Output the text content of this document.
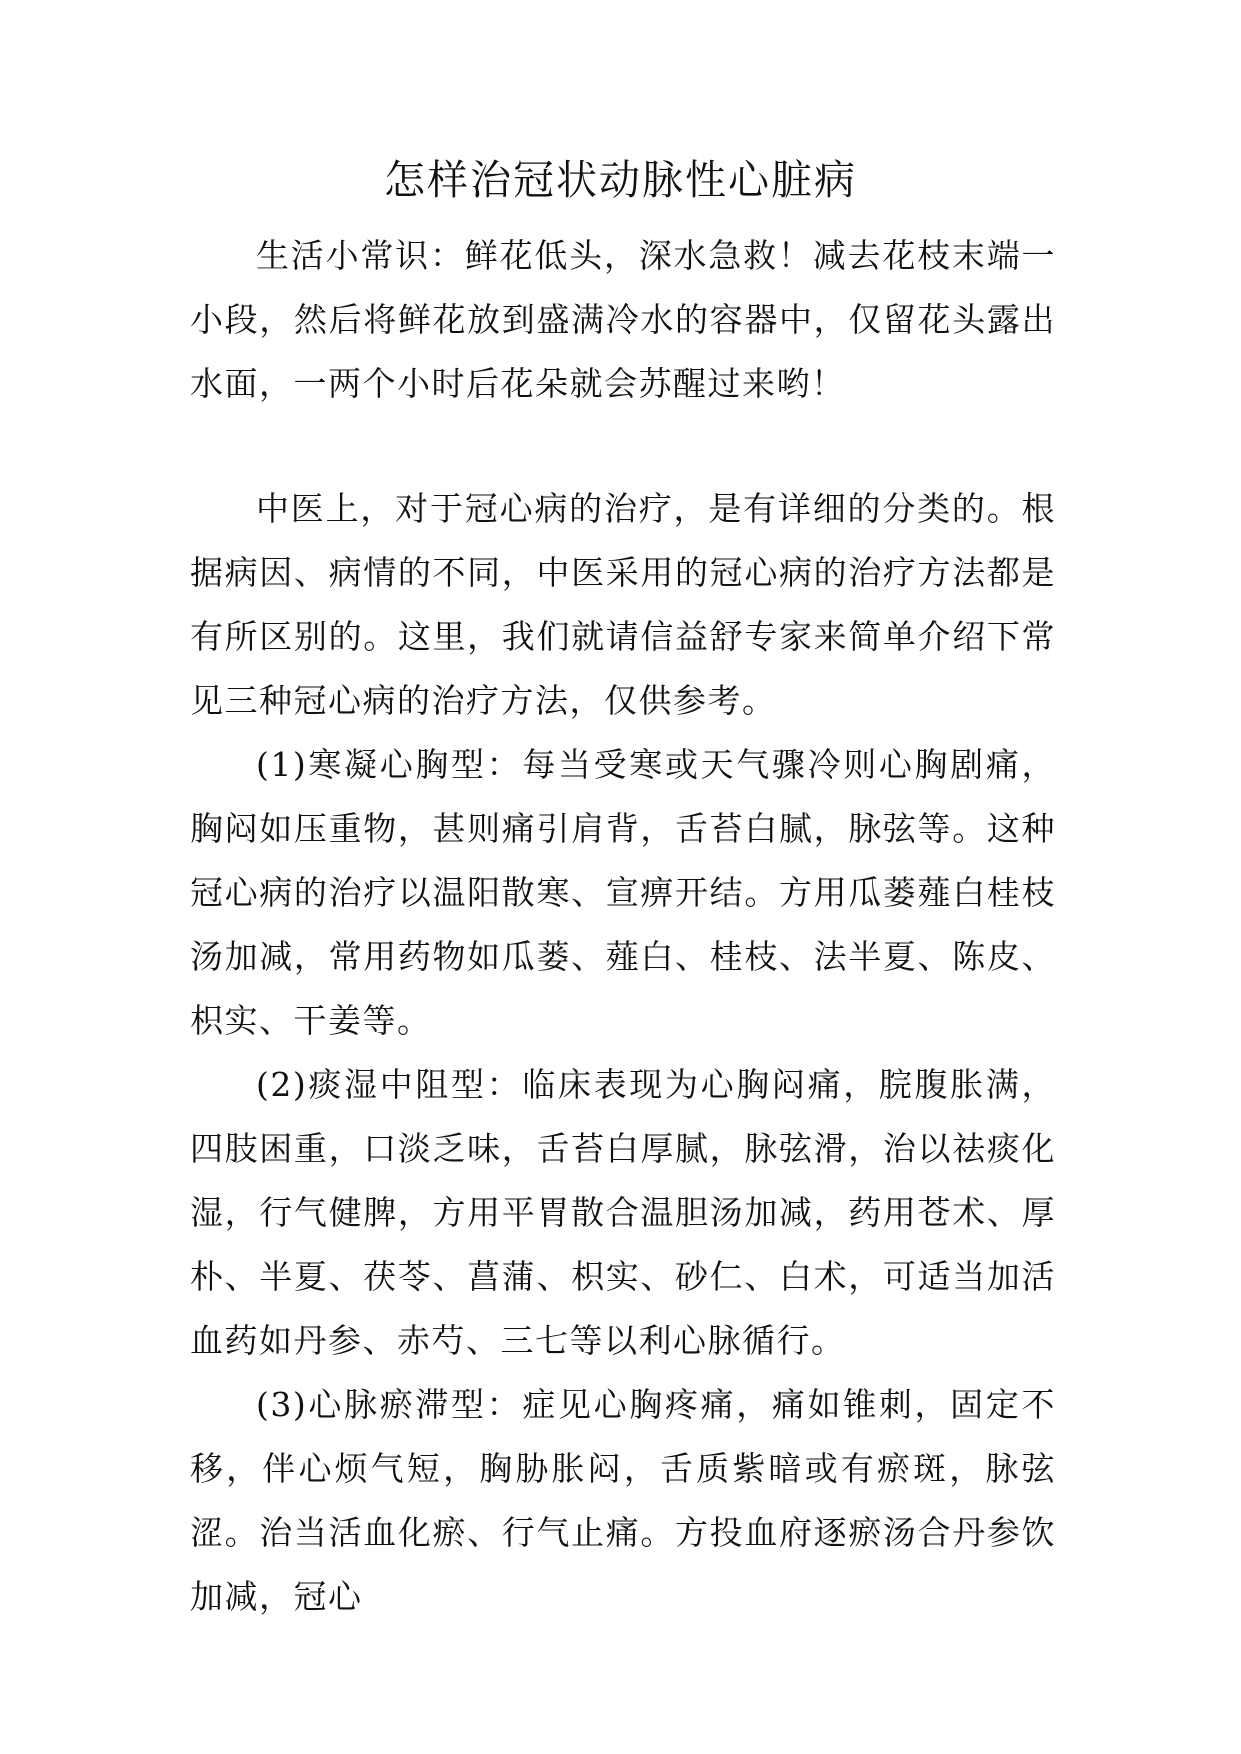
怎样治冠状动脉性心脏病

生活小常识：鲜花低头，深水急救！减去花枝末端一小段，然后将鲜花放到盛满冷水的容器中，仅留花头露出水面，一两个小时后花朵就会苏醒过来哟！

中医上，对于冠心病的治疗，是有详细的分类的。根据病因、病情的不同，中医采用的冠心病的治疗方法都是有所区别的。这里，我们就请信益舒专家来简单介绍下常见三种冠心病的治疗方法，仅供参考。

(1)寒凝心胸型：每当受寒或天气骤冷则心胸剧痛，胸闷如压重物，甚则痛引肩背，舌苔白腻，脉弦等。这种冠心病的治疗以温阳散寒、宣痹开结。方用瓜蒌薤白桂枝汤加减，常用药物如瓜蒌、薤白、桂枝、法半夏、陈皮、枳实、干姜等。

(2)痰湿中阻型：临床表现为心胸闷痛，脘腹胀满，四肢困重，口淡乏味，舌苔白厚腻，脉弦滑，治以祛痰化湿，行气健脾，方用平胃散合温胆汤加减，药用苍术、厚朴、半夏、茯苓、菖蒲、枳实、砂仁、白术，可适当加活血药如丹参、赤芍、三七等以利心脉循行。

(3)心脉瘀滞型：症见心胸疼痛，痛如锥刺，固定不移，伴心烦气短，胸胁胀闷，舌质紫暗或有瘀斑，脉弦涩。治当活血化瘀、行气止痛。方投血府逐瘀汤合丹参饮加减，冠心
